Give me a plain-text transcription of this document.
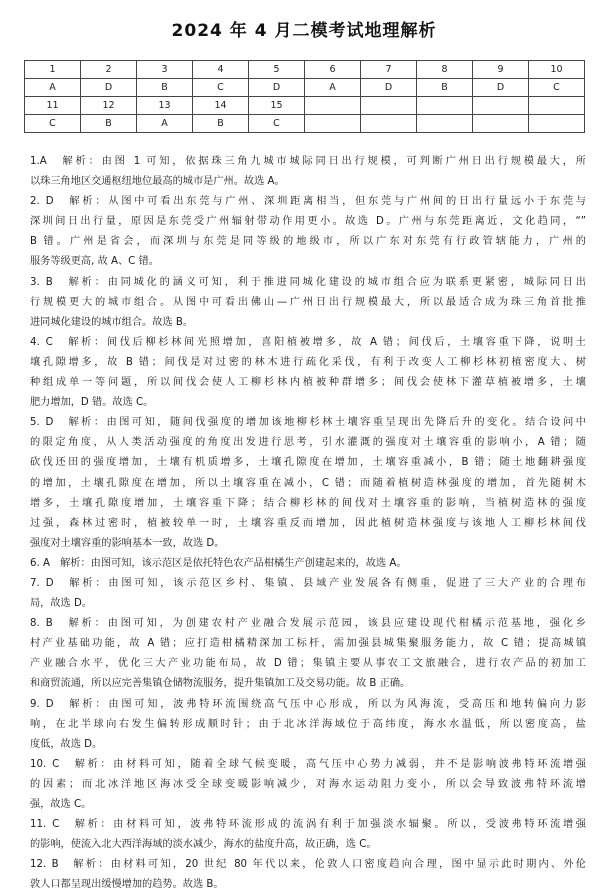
2024 年 4 月二模考试地理解析
1	2	3	4	5	6	7	8	9	10
A	D	B	C	D	A	D	B	D	C
11	12	13	14	15					
C	B	A	B	C					
1.A　解析：由图 1 可知，依据珠三角九城市城际同日出行规模，可判断广州日出行规模最大，所
以珠三角地区交通枢纽地位最高的城市是广州。故选 A。
2. D　解析：从图中可看出东莞与广州、深圳距离相当，但东莞与广州间的日出行量远小于东莞与
深圳间日出行量，原因是东莞受广州辐射带动作用更小。故选 D。广州与东莞距离近，文化趋同，“”
B 错。广州是省会，而深圳与东莞是同等级的地级市，所以广东对东莞有行政管辖能力，广州的
服务等级更高, 故 A、C 错。
3. B　解析：由同城化的涵义可知，利于推进同城化建设的城市组合应为联系更紧密，城际同日出
行规模更大的城市组合。从图中可看出佛山—广州日出行规模最大，所以最适合成为珠三角首批推
进同城化建设的城市组合。故选 B。
4. C　解析：间伐后柳杉林间光照增加，喜阳植被增多，故 A 错；间伐后，土壤容重下降，说明土
壤孔隙增多，故 B 错；间伐是对过密的林木进行疏化采伐，有利于改变人工柳杉林初植密度大、树
种组成单一等问题，所以间伐会使人工柳杉林内植被种群增多；间伐会使林下灌草植被增多，土壤
肥力增加，D 错。故选 C。
5. D　解析：由图可知，随间伐强度的增加该地柳杉林土壤容重呈现出先降后升的变化。结合设问中
的限定角度，从人类活动强度的角度出发进行思考，引水灌溉的强度对土壤容重的影响小，A 错；随
砍伐还田的强度增加，土壤有机质增多，土壤孔隙度在增加，土壤容重减小，B 错；随土地翻耕强度
的增加，土壤孔隙度在增加，所以土壤容重在减小，C 错；而随着植树造林强度的增加，首先随树木
增多，土壤孔隙度增加，土壤容重下降；结合柳杉林的间伐对土壤容重的影响，当植树造林的强度
过强，森林过密时，植被较单一时，土壤容重反而增加，因此植树造林强度与该地人工柳杉林间伐
强度对土壤容重的影响基本一致，故选 D。
6. A　解析：由图可知，该示范区是依托特色农产品柑橘生产创建起来的，故选 A。
7. D　解析：由图可知，该示范区乡村、集镇、县域产业发展各有侧重，促进了三大产业的合理布
局，故选 D。
8. B　解析：由图可知，为创建农村产业融合发展示范园，该县应建设现代柑橘示范基地，强化乡
村产业基础功能，故 A 错；应打造柑橘精深加工标杆，需加强县城集聚服务能力，故 C 错；提高城镇
产业融合水平，优化三大产业功能布局，故 D 错；集镇主要从事农工文旅融合，进行农产品的初加工
和商贸流通，所以应完善集镇仓储物流服务，提升集镇加工及交易功能。故 B 正确。
9. D　解析：由图可知，波弗特环流围绕高气压中心形成，所以为风海流，受高压和地转偏向力影
响，在北半球向右发生偏转形成顺时针；由于北冰洋海域位于高纬度，海水水温低，所以密度高，盐
度低，故选 D。
10. C　解析：由材料可知，随着全球气候变暖，高气压中心势力减弱，并不是影响波弗特环流增强
的因素；而北冰洋地区海冰受全球变暖影响减少，对海水运动阻力变小，所以会导致波弗特环流增
强，故选 C。
11. C　解析：由材料可知，波弗特环流形成的流涡有利于加强淡水辐聚。所以，受波弗特环流增强
的影响，使流入北大西洋海域的淡水减少，海水的盐度升高，故正确，选 C。
12. B　解析：由材料可知，20 世纪 80 年代以来，伦敦人口密度趋向合理，图中显示此时期内、外伦
敦人口都呈现出缓慢增加的趋势。故选 B。
